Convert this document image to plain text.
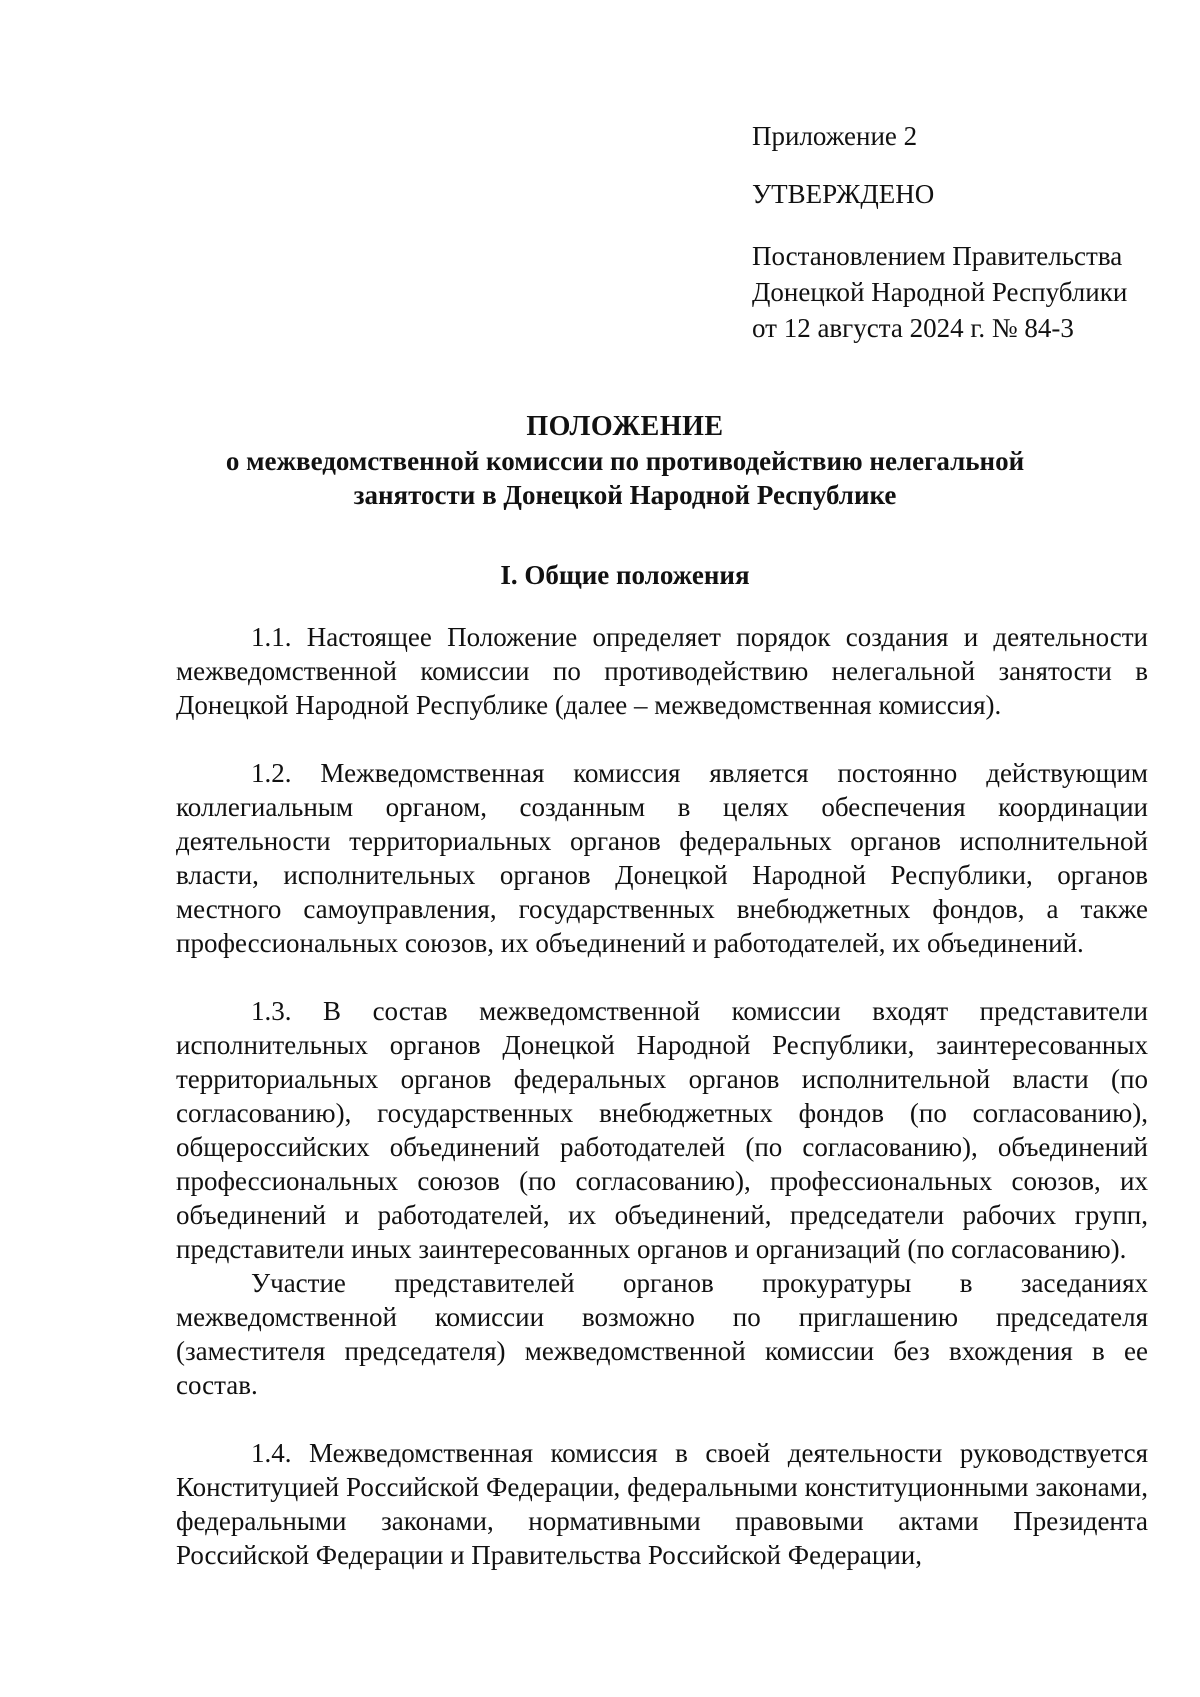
Приложение 2

УТВЕРЖДЕНО

Постановлением Правительства

Донецкой Народной Республики

от 12 августа 2024 г. № 84-3

ПОЛОЖЕНИЕ
о межведомственной комиссии по противодействию нелегальной
занятости в Донецкой Народной Республике
I. Общие положения

1.1. Настоящее Положение определяет порядок создания и деятельности межведомственной комиссии по противодействию нелегальной занятости в Донецкой Народной Республике (далее – межведомственная комиссия).

1.2. Межведомственная комиссия является постоянно действующим коллегиальным органом, созданным в целях обеспечения координации деятельности территориальных органов федеральных органов исполнительной власти, исполнительных органов Донецкой Народной Республики, органов местного самоуправления, государственных внебюджетных фондов, а также профессиональных союзов, их объединений и работодателей, их объединений.

1.3. В состав межведомственной комиссии входят представители исполнительных органов Донецкой Народной Республики, заинтересованных территориальных органов федеральных органов исполнительной власти (по согласованию), государственных внебюджетных фондов (по согласованию), общероссийских объединений работодателей (по согласованию), объединений профессиональных союзов (по согласованию), профессиональных союзов, их объединений и работодателей, их объединений, председатели рабочих групп, представители иных заинтересованных органов и организаций (по согласованию).

Участие представителей органов прокуратуры в заседаниях межведомственной комиссии возможно по приглашению председателя (заместителя председателя) межведомственной комиссии без вхождения в ее состав.

1.4. Межведомственная комиссия в своей деятельности руководствуется Конституцией Российской Федерации, федеральными конституционными законами, федеральными законами, нормативными правовыми актами Президента Российской Федерации и Правительства Российской Федерации,
